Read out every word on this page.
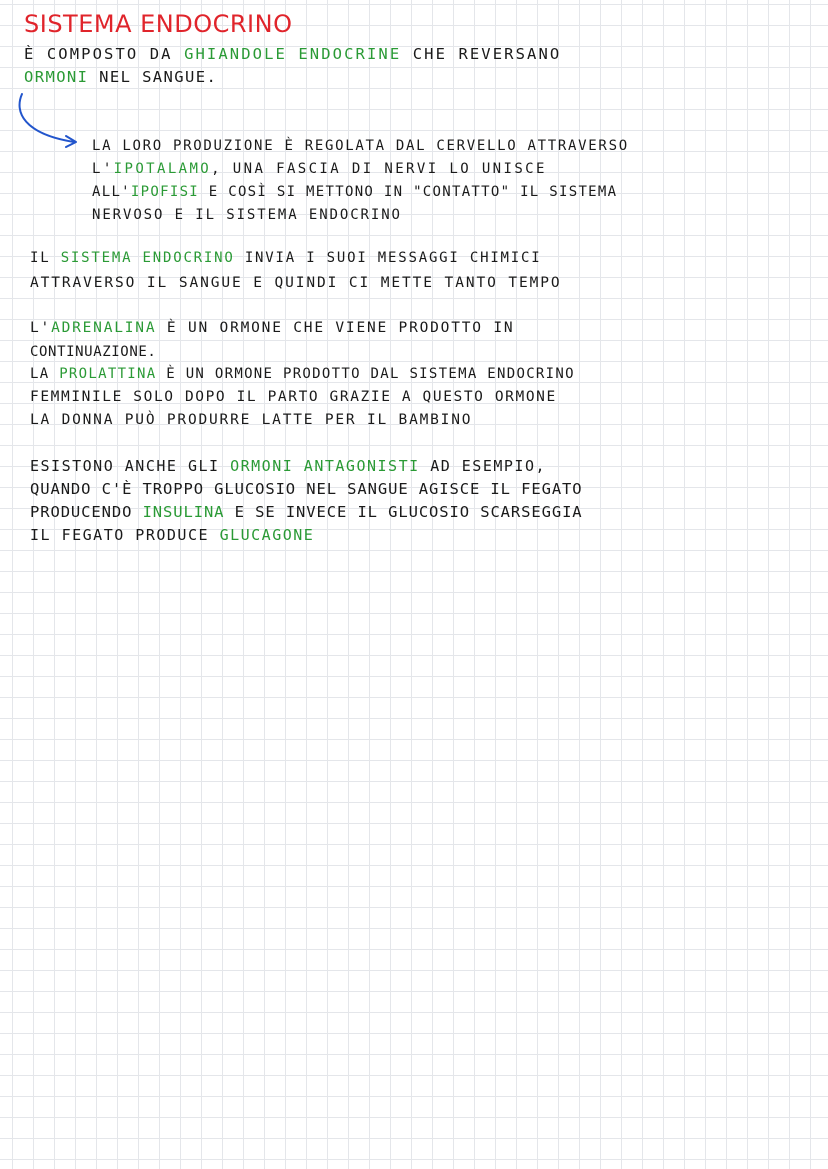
SISTEMA ENDOCRINO
È COMPOSTO DA GHIANDOLE ENDOCRINE CHE REVERSANO
ORMONI NEL SANGUE.
LA LORO PRODUZIONE È REGOLATA DAL CERVELLO ATTRAVERSO
L'IPOTALAMO, UNA FASCIA DI NERVI LO UNISCE
ALL'IPOFISI E COSÌ SI METTONO IN "CONTATTO" IL SISTEMA
NERVOSO E IL SISTEMA ENDOCRINO
IL SISTEMA ENDOCRINO INVIA I SUOI MESSAGGI CHIMICI
ATTRAVERSO IL SANGUE E QUINDI CI METTE TANTO TEMPO
L'ADRENALINA È UN ORMONE CHE VIENE PRODOTTO IN
CONTINUAZIONE.
LA PROLATTINA È UN ORMONE PRODOTTO DAL SISTEMA ENDOCRINO
FEMMINILE SOLO DOPO IL PARTO GRAZIE A QUESTO ORMONE
LA DONNA PUÒ PRODURRE LATTE PER IL BAMBINO
ESISTONO ANCHE GLI ORMONI ANTAGONISTI AD ESEMPIO,
QUANDO C'È TROPPO GLUCOSIO NEL SANGUE AGISCE IL FEGATO
PRODUCENDO INSULINA E SE INVECE IL GLUCOSIO SCARSEGGIA
IL FEGATO PRODUCE GLUCAGONE
